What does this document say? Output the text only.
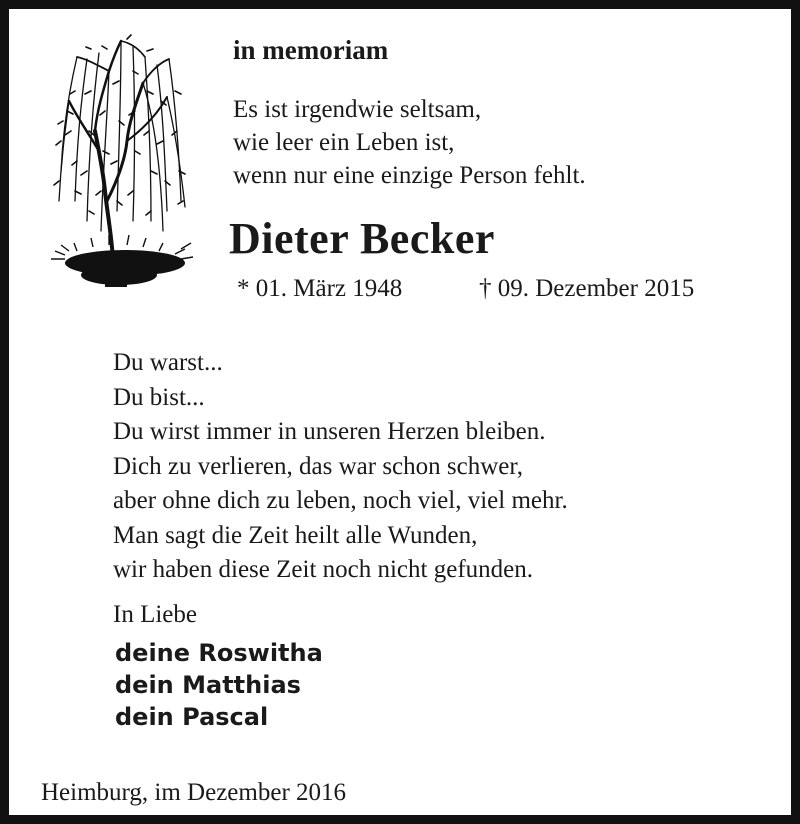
in memoriam
Es ist irgendwie seltsam,
wie leer ein Leben ist,
wenn nur eine einzige Person fehlt.
Dieter Becker
* 01. März 1948	† 09. Dezember 2015
Du warst...
Du bist...
Du wirst immer in unseren Herzen bleiben.
Dich zu verlieren, das war schon schwer,
aber ohne dich zu leben, noch viel, viel mehr.
Man sagt die Zeit heilt alle Wunden,
wir haben diese Zeit noch nicht gefunden.
In Liebe
deine Roswitha
dein Matthias
dein Pascal
Heimburg, im Dezember 2016
